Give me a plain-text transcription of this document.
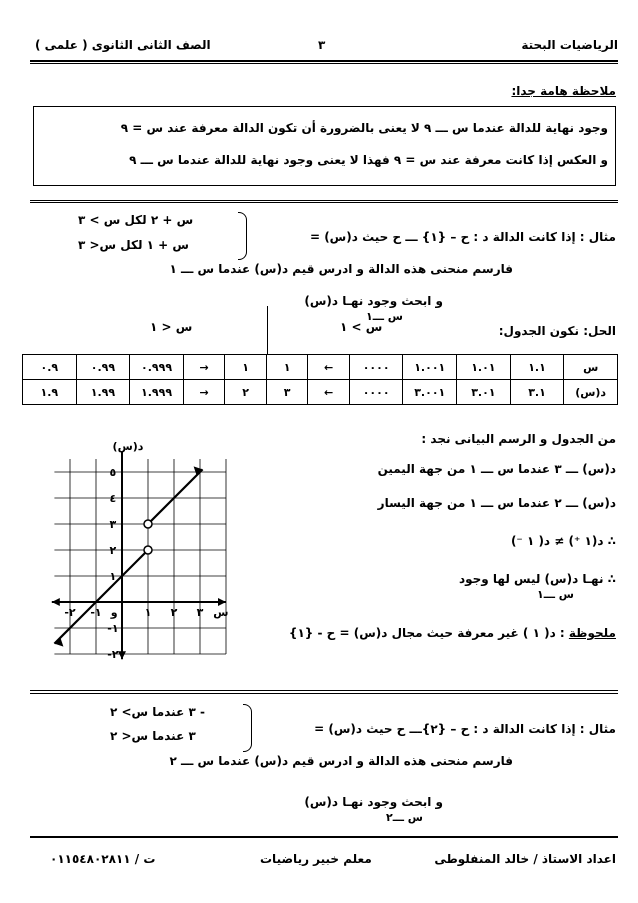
الرياضيات البحتة
٣
الصف الثانى الثانوى ( علمى )
ملاحظة هامة جدا:
وجود نهاية للدالة عندما س ـــ ٩ لا يعنى بالضرورة أن تكون الدالة معرفة عند س = ٩
و العكس إذا كانت معرفة عند س = ٩ فهذا لا يعنى وجود نهاية للدالة عندما س ـــ ٩
مثال : إذا كانت الدالة د : ح – {١} ـــ ح حيث د(س) =
س + ٢ لكل س > ٣
س + ١ لكل س< ٣
فارسم منحنى هذه الدالة و ادرس قيم د(س) عندما س ـــ ١
و ابحث وجود نهـا د(س)
س ـــ١
الحل: نكون الجدول:
س > ١
س < ١
٠.٩	٠.٩٩	٠.٩٩٩	→	١	١	←	٠٠٠٠	١.٠٠١	١.٠١	١.١	س
١.٩	١.٩٩	١.٩٩٩	→	٢	٣	←	٠٠٠٠	٣.٠٠١	٣.٠١	٣.١	د(س)
من الجدول و الرسم البيانى نجد :
د(س) ـــ ٣ عندما س ـــ ١ من جهة اليمين
د(س) ـــ ٢ عندما س ـــ ١ من جهة اليسار
∴ د(١ ⁺) ≠ د( ١ ⁻)
∴ نهـا د(س) ليس لها وجود
س ـــ١
ملحوظة : د( ١ ) غير معرفة حيث مجال د(س) = ح - {١}
د(س)
س
و
٥
٤
٣
٢
١
-١
-٢
-٢ -١	١ ٢ ٣
مثال : إذا كانت الدالة د : ح – {٢}ـــ ح حيث د(س) =
- ٣ عندما س> ٢
٣ عندما س< ٢
فارسم منحنى هذه الدالة و ادرس قيم د(س) عندما س ـــ ٢
و ابحث وجود نهـا د(س)
س ـــ٢
اعداد الاستاذ / خالد المنفلوطى
معلم خبير رياضيات
ت / ٠١١٥٤٨٠٢٨١١
